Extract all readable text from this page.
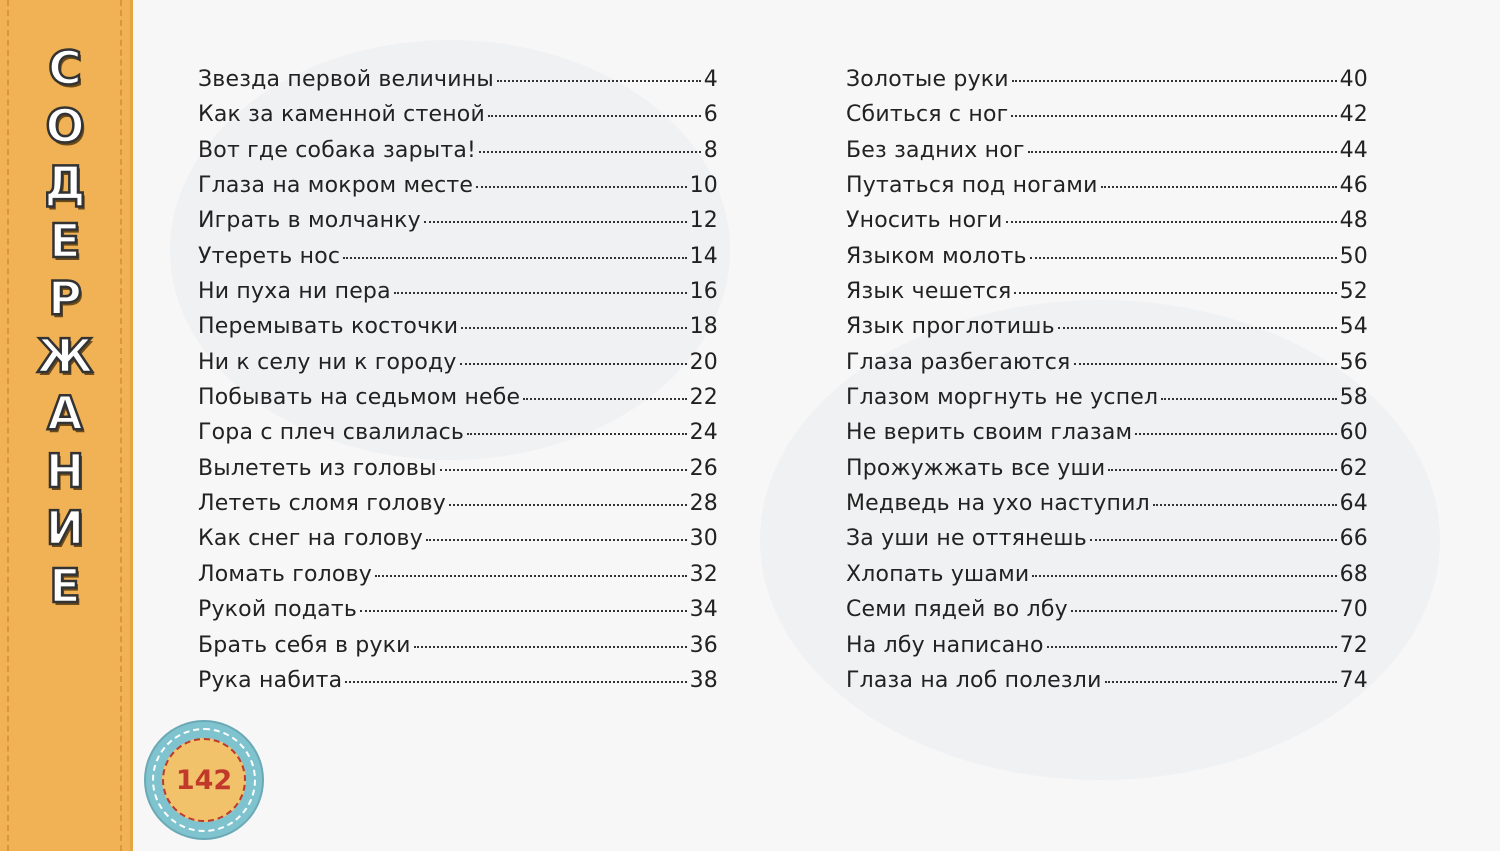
С
О
Д
Е
Р
Ж
А
Н
И
Е
142
Звезда первой величины	4
Как за каменной стеной	6
Вот где собака зарыта!	8
Глаза на мокром месте	10
Играть в молчанку	12
Утереть нос	14
Ни пуха ни пера	16
Перемывать косточки	18
Ни к селу ни к городу	20
Побывать на седьмом небе	22
Гора с плеч свалилась	24
Вылететь из головы	26
Лететь сломя голову	28
Как снег на голову	30
Ломать голову	32
Рукой подать	34
Брать себя в руки	36
Рука набита	38
Золотые руки	40
Сбиться с ног	42
Без задних ног	44
Путаться под ногами	46
Уносить ноги	48
Языком молоть	50
Язык чешется	52
Язык проглотишь	54
Глаза разбегаются	56
Глазом моргнуть не успел	58
Не верить своим глазам	60
Прожужжать все уши	62
Медведь на ухо наступил	64
За уши не оттянешь	66
Хлопать ушами	68
Семи пядей во лбу	70
На лбу написано	72
Глаза на лоб полезли	74
